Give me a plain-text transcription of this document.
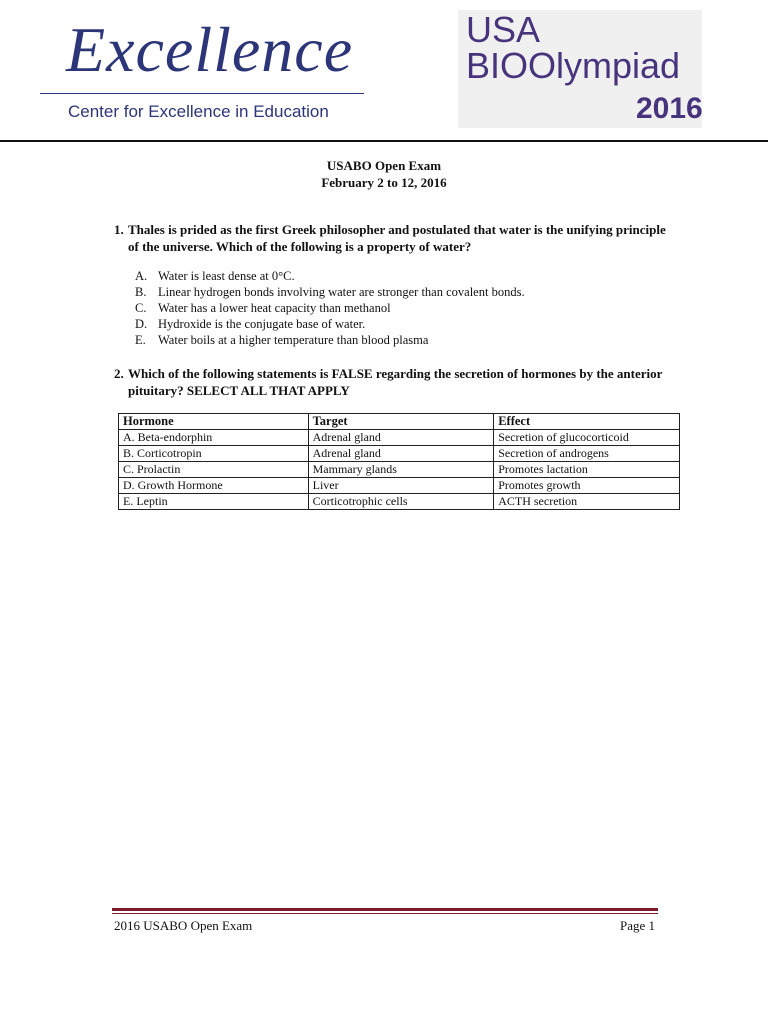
Excellence
Center for Excellence in Education
USA
BIOOlympiad
2016
USABO Open Exam
February 2 to 12, 2016
1. Thales is prided as the first Greek philosopher and postulated that water is the unifying principle
of the universe. Which of the following is a property of water?
A. Water is least dense at 0°C.
B. Linear hydrogen bonds involving water are stronger than covalent bonds.
C. Water has a lower heat capacity than methanol
D. Hydroxide is the conjugate base of water.
E. Water boils at a higher temperature than blood plasma
2. Which of the following statements is FALSE regarding the secretion of hormones by the anterior
pituitary? SELECT ALL THAT APPLY
Hormone	Target	Effect
A. Beta-endorphin	Adrenal gland	Secretion of glucocorticoid
B. Corticotropin	Adrenal gland	Secretion of androgens
C. Prolactin	Mammary glands	Promotes lactation
D. Growth Hormone	Liver	Promotes growth
E. Leptin	Corticotrophic cells	ACTH secretion
2016 USABO Open Exam	Page 1
